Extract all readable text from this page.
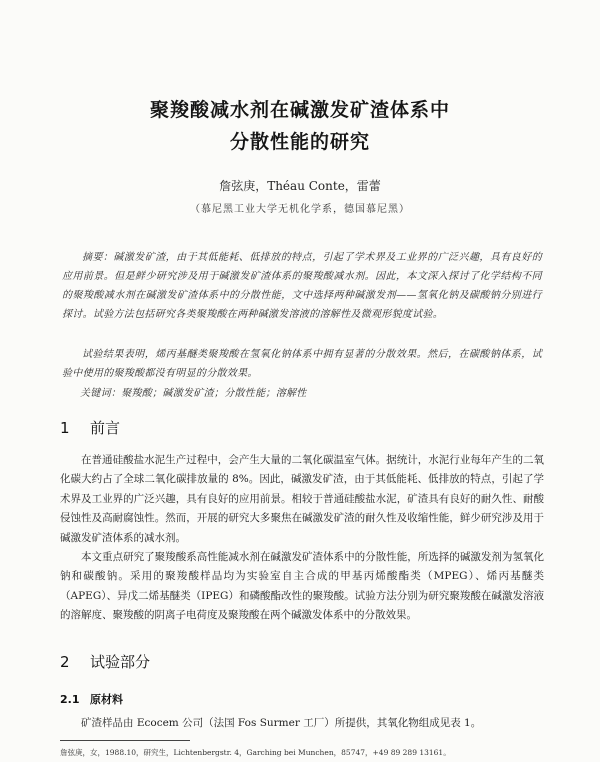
聚羧酸减水剂在碱激发矿渣体系中
分散性能的研究
詹弦庚，Théau Conte，雷蕾
（慕尼黑工业大学无机化学系，德国慕尼黑）
摘要：碱激发矿渣，由于其低能耗、低排放的特点，引起了学术界及工业界的广泛兴趣，具有良好的应用前景。但是鲜少研究涉及用于碱激发矿渣体系的聚羧酸减水剂。因此，本文深入探讨了化学结构不同的聚羧酸减水剂在碱激发矿渣体系中的分散性能，文中选择两种碱激发剂——氢氧化钠及碳酸钠分别进行探讨。试验方法包括研究各类聚羧酸在两种碱激发溶液的溶解性及微观形貌度试验。
试验结果表明，烯丙基醚类聚羧酸在氢氧化钠体系中拥有显著的分散效果。然后，在碳酸钠体系，试验中使用的聚羧酸都没有明显的分散效果。
关键词：聚羧酸；碱激发矿渣；分散性能；溶解性
1 前言
在普通硅酸盐水泥生产过程中，会产生大量的二氧化碳温室气体。据统计，水泥行业每年产生的二氧化碳大约占了全球二氧化碳排放量的 8%。因此，碱激发矿渣，由于其低能耗、低排放的特点，引起了学术界及工业界的广泛兴趣，具有良好的应用前景。相较于普通硅酸盐水泥，矿渣具有良好的耐久性、耐酸侵蚀性及高耐腐蚀性。然而，开展的研究大多聚焦在碱激发矿渣的耐久性及收缩性能，鲜少研究涉及用于碱激发矿渣体系的减水剂。
本文重点研究了聚羧酸系高性能减水剂在碱激发矿渣体系中的分散性能，所选择的碱激发剂为氢氧化钠和碳酸钠。采用的聚羧酸样品均为实验室自主合成的甲基丙烯酸酯类（MPEG）、烯丙基醚类（APEG）、异戊二烯基醚类（IPEG）和磷酸酯改性的聚羧酸。试验方法分别为研究聚羧酸在碱激发溶液的溶解度、聚羧酸的阴离子电荷度及聚羧酸在两个碱激发体系中的分散效果。
2 试验部分
2.1 原材料
矿渣样品由 Ecocem 公司（法国 Fos Surmer 工厂）所提供，其氧化物组成见表 1。
詹弦庚，女，1988.10，研究生，Lichtenbergstr. 4，Garching bei Munchen，85747，+49 89 289 13161。
